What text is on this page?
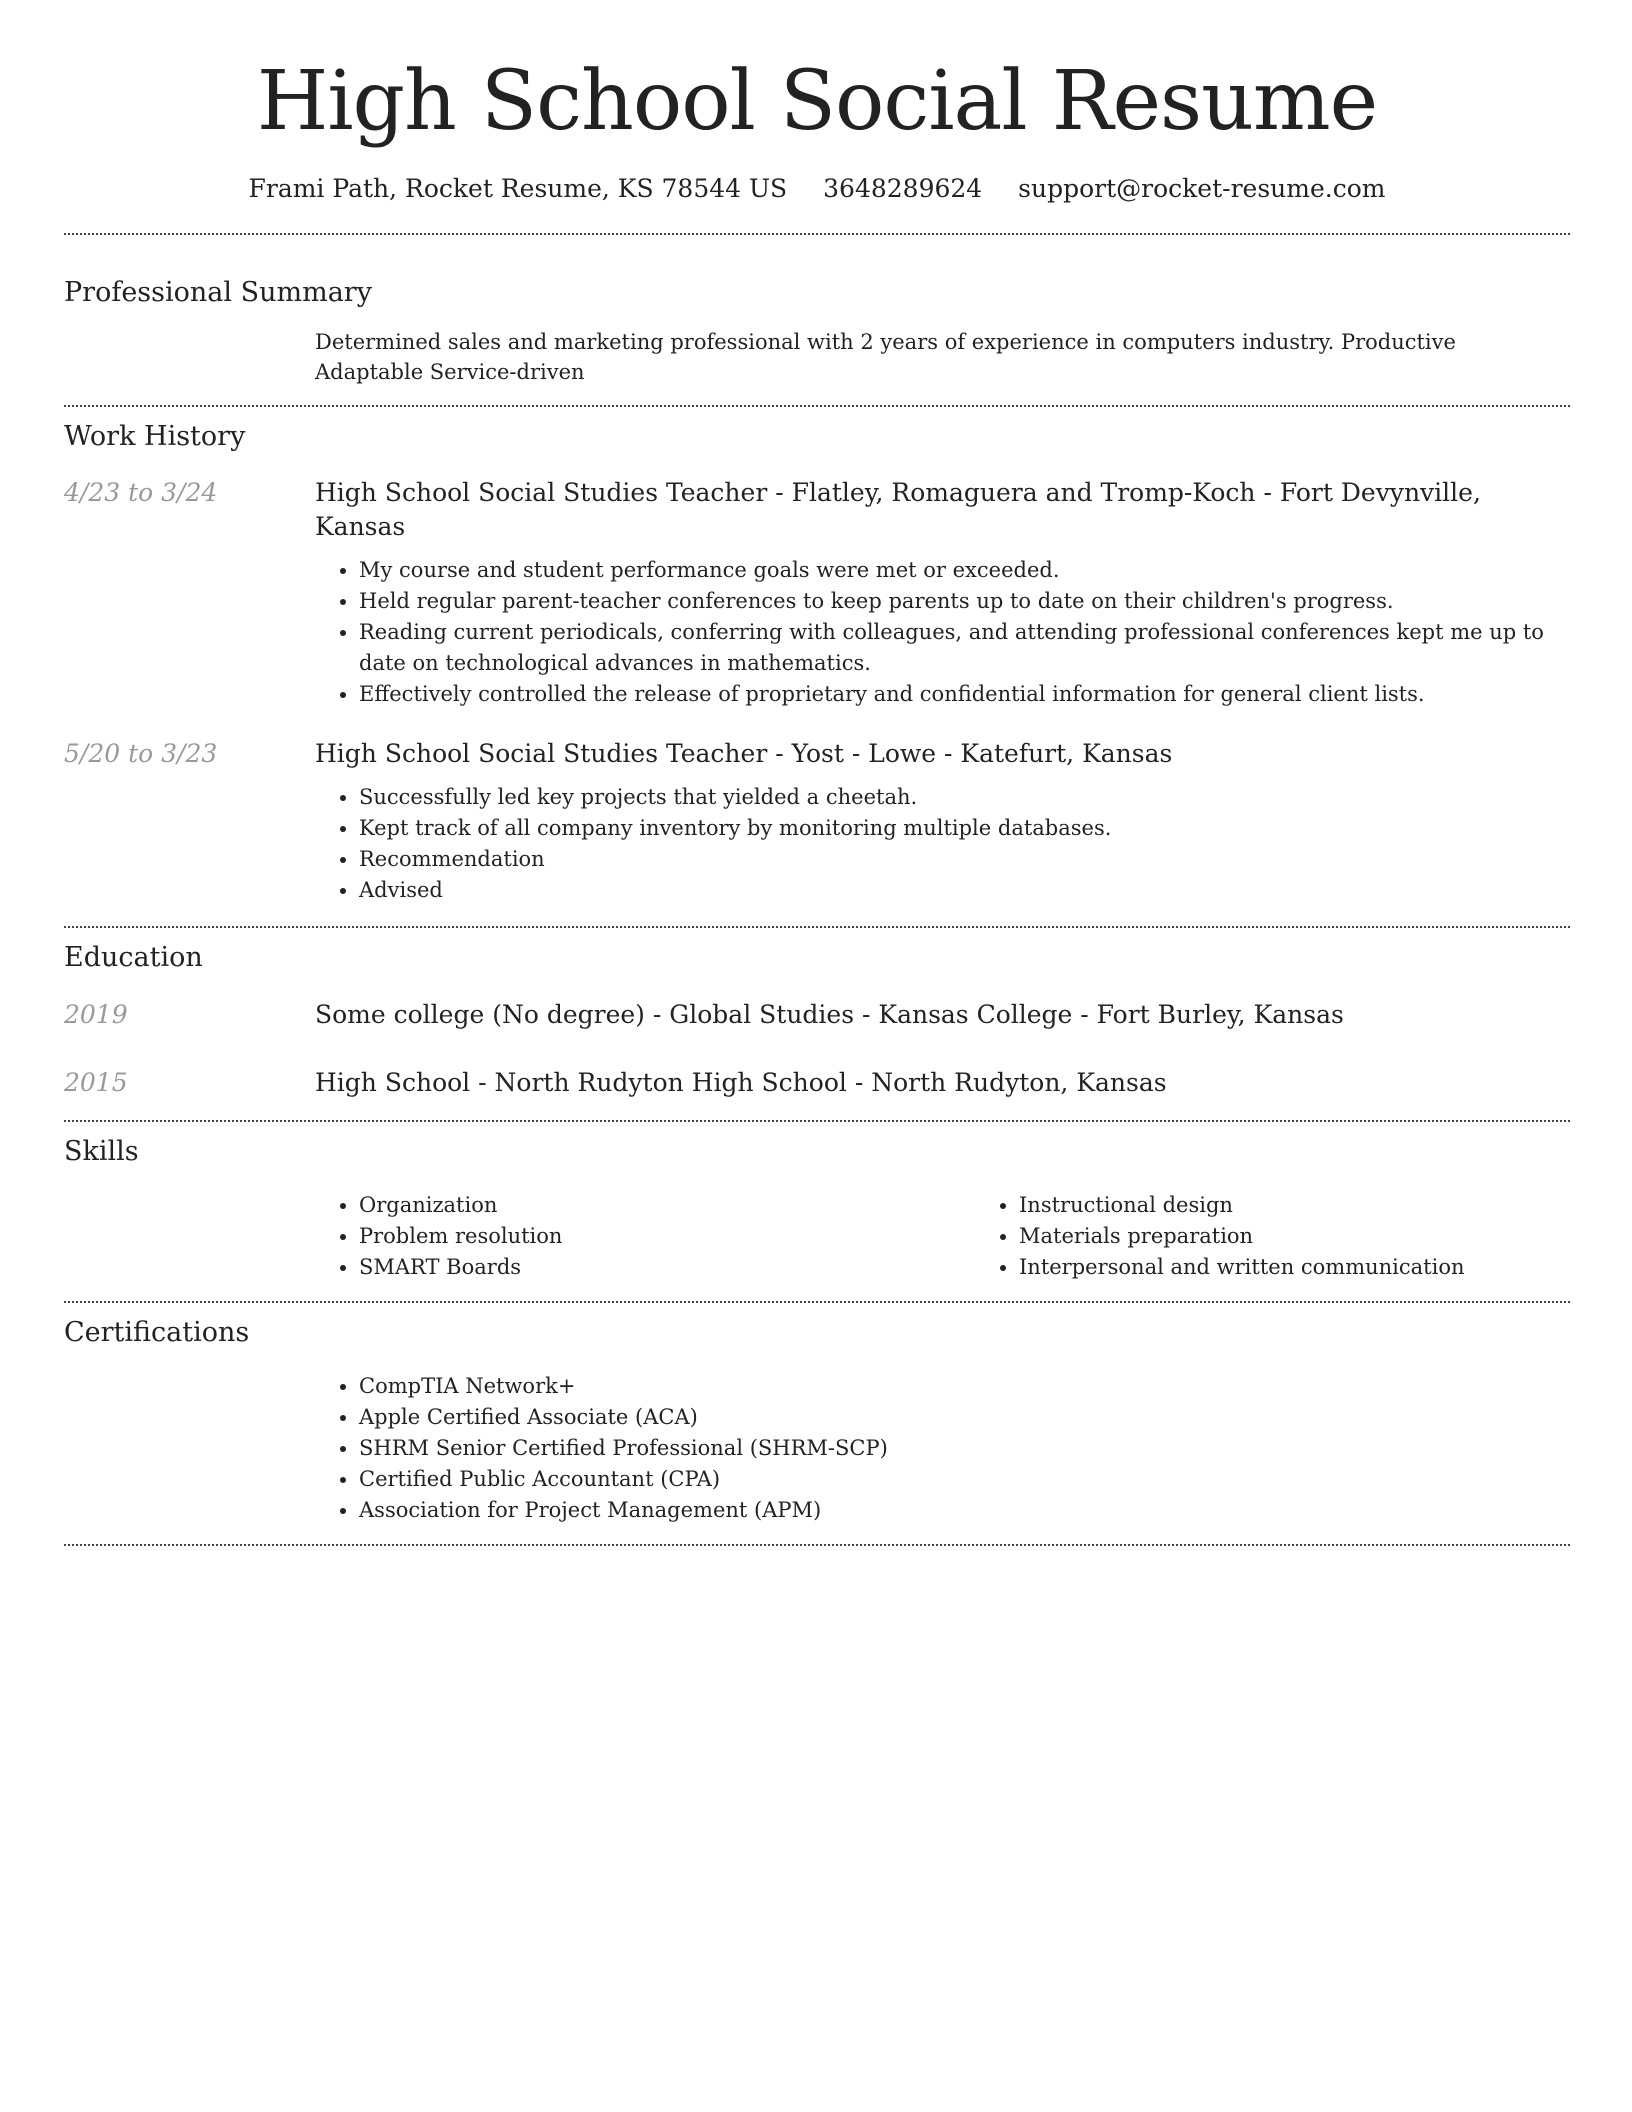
High School Social Resume
Frami Path, Rocket Resume, KS 78544 US 3648289624 support@rocket-resume.com
Professional Summary
Determined sales and marketing professional with 2 years of experience in computers industry. Productive Adaptable Service-driven
Work History
4/23 to 3/24	High School Social Studies Teacher - Flatley, Romaguera and Tromp-Koch - Fort Devynville, Kansas
• My course and student performance goals were met or exceeded.
• Held regular parent-teacher conferences to keep parents up to date on their children's progress.
• Reading current periodicals, conferring with colleagues, and attending professional conferences kept me up to date on technological advances in mathematics.
• Effectively controlled the release of proprietary and confidential information for general client lists.
5/20 to 3/23	High School Social Studies Teacher - Yost - Lowe - Katefurt, Kansas
• Successfully led key projects that yielded a cheetah.
• Kept track of all company inventory by monitoring multiple databases.
• Recommendation
• Advised
Education
2019	Some college (No degree) - Global Studies - Kansas College - Fort Burley, Kansas
2015	High School - North Rudyton High School - North Rudyton, Kansas
Skills
• Organization
• Problem resolution
• SMART Boards
• Instructional design
• Materials preparation
• Interpersonal and written communication
Certifications
• CompTIA Network+
• Apple Certified Associate (ACA)
• SHRM Senior Certified Professional (SHRM-SCP)
• Certified Public Accountant (CPA)
• Association for Project Management (APM)
